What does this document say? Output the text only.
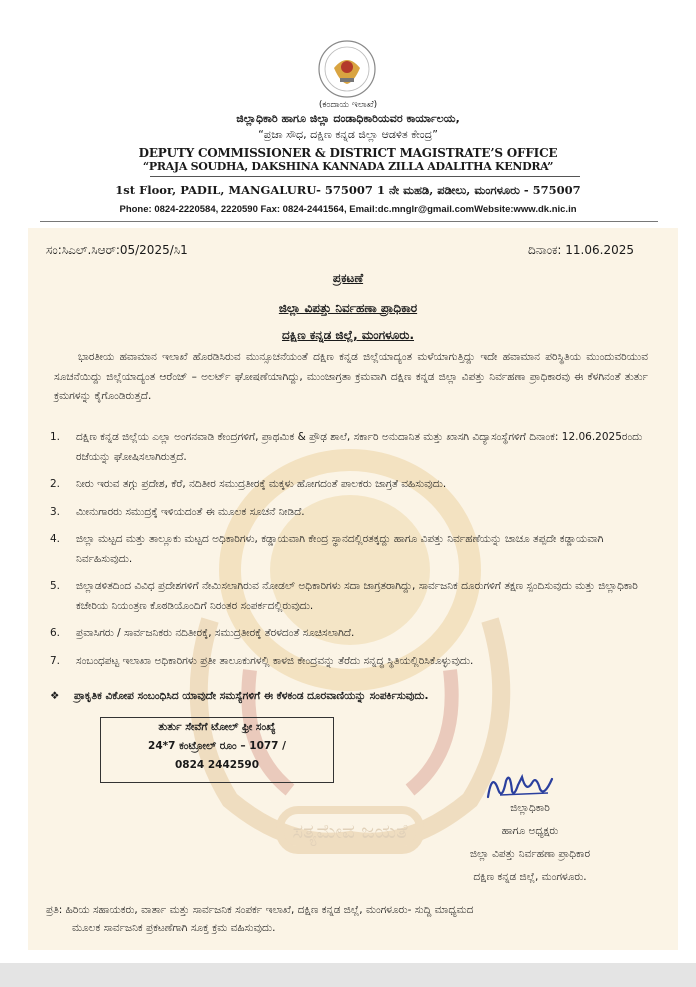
ಸತ್ಯಮೇವ ಜಯತೆ
(ಕಂದಾಯ ಇಲಾಖೆ)
ಜಿಲ್ಲಾಧಿಕಾರಿ ಹಾಗೂ ಜಿಲ್ಲಾ ದಂಡಾಧಿಕಾರಿಯವರ ಕಾರ್ಯಾಲಯ,
“ಪ್ರಜಾ ಸೌಧ, ದಕ್ಷಿಣ ಕನ್ನಡ ಜಿಲ್ಲಾ ಆಡಳಿತ ಕೇಂದ್ರ”
DEPUTY COMMISSIONER & DISTRICT MAGISTRATE’S OFFICE
“PRAJA SOUDHA, DAKSHINA KANNADA ZILLA ADALITHA KENDRA”
1st Floor, PADIL, MANGALURU- 575007 1 ನೇ ಮಹಡಿ, ಪಡೀಲು, ಮಂಗಳೂರು - 575007
Phone: 0824-2220584, 2220590 Fax: 0824-2441564, Email:dc.mnglr@gmail.comWebsite:www.dk.nic.in
ಸಂ:ಸಿಎಲ್.ಸಿಆರ್:05/2025/ಸಿ1	ದಿನಾಂಕ: 11.06.2025
ಪ್ರಕಟಣೆ
ಜಿಲ್ಲಾ ವಿಪತ್ತು ನಿರ್ವಹಣಾ ಪ್ರಾಧಿಕಾರ
ದಕ್ಷಿಣ ಕನ್ನಡ ಜಿಲ್ಲೆ, ಮಂಗಳೂರು.
ಭಾರತೀಯ ಹವಾಮಾನ ಇಲಾಖೆ ಹೊರಡಿಸಿರುವ ಮುನ್ಸೂಚನೆಯಂತೆ ದಕ್ಷಿಣ ಕನ್ನಡ ಜಿಲ್ಲೆಯಾದ್ಯಂತ ಮಳೆಯಾಗುತ್ತಿದ್ದು ಇದೇ ಹವಾಮಾನ ಪರಿಸ್ಥಿತಿಯ ಮುಂದುವರಿಯುವ ಸೂಚನೆಯಿದ್ದು ಜಿಲ್ಲೆಯಾದ್ಯಂತ ಆರೆಂಜ್ – ಅಲರ್ಟ್ ಘೋಷಣೆಯಾಗಿದ್ದು, ಮುಂಜಾಗ್ರತಾ ಕ್ರಮವಾಗಿ ದಕ್ಷಿಣ ಕನ್ನಡ ಜಿಲ್ಲಾ ವಿಪತ್ತು ನಿರ್ವಹಣಾ ಪ್ರಾಧಿಕಾರವು ಈ ಕೆಳಗಿನಂತೆ ತುರ್ತು ಕ್ರಮಗಳನ್ನು ಕೈಗೊಂಡಿರುತ್ತದೆ.
1. ದಕ್ಷಿಣ ಕನ್ನಡ ಜಿಲ್ಲೆಯ ಎಲ್ಲಾ ಅಂಗನವಾಡಿ ಕೇಂದ್ರಗಳಿಗೆ, ಪ್ರಾಥಮಿಕ & ಪ್ರೌಢ ಶಾಲೆ, ಸರ್ಕಾರಿ ಅನುದಾನಿತ ಮತ್ತು ಖಾಸಗಿ ವಿದ್ಯಾಸಂಸ್ಥೆಗಳಿಗೆ ದಿನಾಂಕ: 12.06.2025ರಂದು ರಜೆಯನ್ನು ಘೋಷಿಸಲಾಗಿರುತ್ತದೆ.
2. ನೀರು ಇರುವ ತಗ್ಗು ಪ್ರದೇಶ, ಕೆರೆ, ನದಿತೀರ ಸಮುದ್ರತೀರಕ್ಕೆ ಮಕ್ಕಳು ಹೋಗದಂತೆ ಪಾಲಕರು ಜಾಗ್ರತೆ ವಹಿಸುವುದು.
3. ಮೀನುಗಾರರು ಸಮುದ್ರಕ್ಕೆ ಇಳಿಯದಂತೆ ಈ ಮೂಲಕ ಸೂಚನೆ ನೀಡಿದೆ.
4. ಜಿಲ್ಲಾ ಮಟ್ಟದ ಮತ್ತು ತಾಲ್ಲೂಕು ಮಟ್ಟದ ಅಧಿಕಾರಿಗಳು, ಕಡ್ಡಾಯವಾಗಿ ಕೇಂದ್ರ ಸ್ಥಾನದಲ್ಲಿರತಕ್ಕದ್ದು ಹಾಗೂ ವಿಪತ್ತು ನಿರ್ವಹಣೆಯನ್ನು ಚಾಚೂ ತಪ್ಪದೇ ಕಡ್ಡಾಯವಾಗಿ ನಿರ್ವಹಿಸುವುದು.
5. ಜಿಲ್ಲಾಡಳಿತದಿಂದ ವಿವಿಧ ಪ್ರದೇಶಗಳಿಗೆ ನೇಮಿಸಲಾಗಿರುವ ನೋಡಲ್ ಅಧಿಕಾರಿಗಳು ಸದಾ ಜಾಗ್ರತರಾಗಿದ್ದು, ಸಾರ್ವಜನಿಕ ದೂರುಗಳಿಗೆ ತಕ್ಷಣ ಸ್ಪಂದಿಸುವುದು ಮತ್ತು ಜಿಲ್ಲಾಧಿಕಾರಿ ಕಚೇರಿಯ ನಿಯಂತ್ರಣ ಕೊಠಡಿಯೊಂದಿಗೆ ನಿರಂತರ ಸಂಪರ್ಕದಲ್ಲಿರುವುದು.
6. ಪ್ರವಾಸಿಗರು / ಸಾರ್ವಜನಿಕರು ನದಿತೀರಕ್ಕೆ, ಸಮುದ್ರತೀರಕ್ಕೆ ತೆರಳದಂತೆ ಸೂಚಿಸಲಾಗಿದೆ.
7. ಸಂಬಂಧಪಟ್ಟ ಇಲಾಖಾ ಅಧಿಕಾರಿಗಳು ಪ್ರತೀ ತಾಲೂಕುಗಳಲ್ಲಿ ಕಾಳಜಿ ಕೇಂದ್ರವನ್ನು ತೆರೆದು ಸನ್ನದ್ಧ ಸ್ಥಿತಿಯಲ್ಲಿರಿಸಿಕೊಳ್ಳುವುದು.
❖ ಪ್ರಾಕೃತಿಕ ವಿಕೋಪ ಸಂಬಂಧಿಸಿದ ಯಾವುದೇ ಸಮಸ್ಯೆಗಳಿಗೆ ಈ ಕೆಳಕಂಡ ದೂರವಾಣಿಯನ್ನು ಸಂಪರ್ಕಿಸುವುದು.
ತುರ್ತು ಸೇವೆಗೆ ಟೋಲ್ ಫ್ರೀ ಸಂಖ್ಯೆ
24*7 ಕಂಟ್ರೋಲ್ ರೂಂ – 1077 /
0824 2442590
ಜಿಲ್ಲಾಧಿಕಾರಿ
ಹಾಗೂ ಅಧ್ಯಕ್ಷರು
ಜಿಲ್ಲಾ ವಿಪತ್ತು ನಿರ್ವಹಣಾ ಪ್ರಾಧಿಕಾರ
ದಕ್ಷಿಣ ಕನ್ನಡ ಜಿಲ್ಲೆ, ಮಂಗಳೂರು.
ಪ್ರತಿ: ಹಿರಿಯ ಸಹಾಯಕರು, ವಾರ್ತಾ ಮತ್ತು ಸಾರ್ವಜನಿಕ ಸಂಪರ್ಕ ಇಲಾಖೆ, ದಕ್ಷಿಣ ಕನ್ನಡ ಜಿಲ್ಲೆ, ಮಂಗಳೂರು- ಸುದ್ದಿ ಮಾಧ್ಯಮದ
ಮೂಲಕ ಸಾರ್ವಜನಿಕ ಪ್ರಕಟಣೆಗಾಗಿ ಸೂಕ್ತ ಕ್ರಮ ವಹಿಸುವುದು.
